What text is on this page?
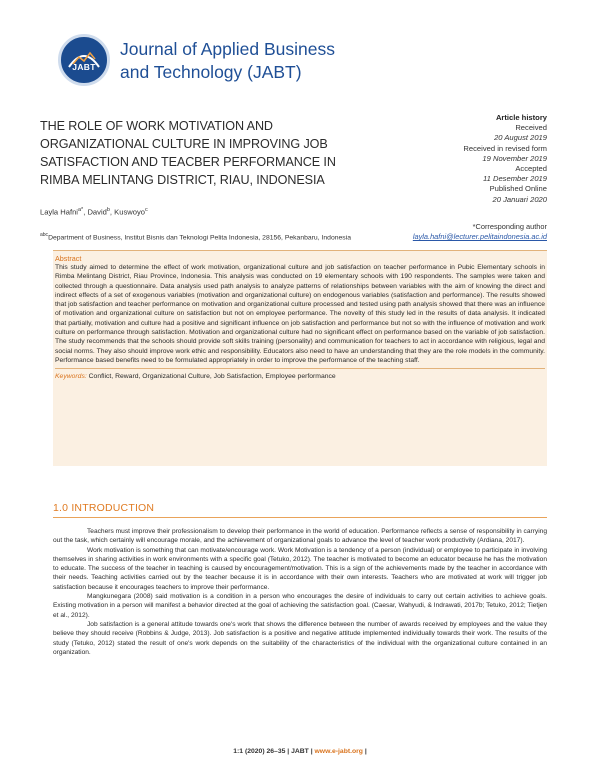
JABT
Journal of Applied Business
and Technology (JABT)
THE ROLE OF WORK MOTIVATION AND ORGANIZATIONAL CULTURE IN IMPROVING JOB SATISFACTION AND TEACBER PERFORMANCE IN RIMBA MELINTANG DISTRICT, RIAU, INDONESIA
Layla Hafni$^{a*}$, David$^b$, Kuswoyo$^c$
$^{abc}$Department of Business, Institut Bisnis dan Teknologi Pelita Indonesia, 28156, Pekanbaru, Indonesia
Article history
Received
20 August 2019
Received in revised form
19 November 2019
Accepted
11 Desember 2019
Published Online
20 Januari 2020
*Corresponding author
layla.hafni@lecturer.pelitaindonesia.ac.id
Abstract
This study aimed to determine the effect of work motivation, organizational culture and job satisfaction on teacher performance in Pubic Elementary schools in Rimba Melintang District, Riau Province, Indonesia. This analysis was conducted on 19 elementary schools with 190 respondents. The samples were taken and collected through a questionnaire. Data analysis used path analysis to analyze patterns of relationships between variables with the aim of knowing the direct and indirect effects of a set of exogenous variables (motivation and organizational culture) on endogenous variables (satisfaction and performance). The results showed that job satisfaction and teacher performance on motivation and organizational culture processed and tested using path analysis showed that there was an influence of motivation and organizational culture on satisfaction but not on employee performance. The novelty of this study led in the results of data analysis. It indicated that partially, motivation and culture had a positive and significant influence on job satisfaction and performance but not so with the influence of motivation and work culture on performance through satisfaction. Motivation and organizational culture had no significant effect on performance based on the variable of job satisfaction. The study recommends that the schools should provide soft skills training (personality) and communication for teachers to act in accordance with religious, legal and social norms. They also should improve work ethic and responsibility. Educators also need to have an understanding that they are the role models in the community. Performance based benefits need to be formulated appropriately in order to improve the performance of the teaching staff.
Keywords: Conflict, Reward, Organizational Culture, Job Satisfaction, Employee performance
1.0 INTRODUCTION

Teachers must improve their professionalism to develop their performance in the world of education. Performance reflects a sense of responsibility in carrying out the task, which certainly will encourage morale, and the achievement of organizational goals to advance the level of teacher work productivity (Ardiana, 2017).

Work motivation is something that can motivate/encourage work. Work Motivation is a tendency of a person (individual) or employee to participate in involving themselves in sharing activities in work environments with a specific goal (Tetuko, 2012). The teacher is motivated to become an educator because he has the motivation to educate. The success of the teacher in teaching is caused by encouragement/motivation. This is a sign of the achievements made by the teacher in accordance with their needs. Teaching activities carried out by the teacher because it is in accordance with their own interests. Teachers who are motivated at work will trigger job satisfaction because it encourages teachers to improve their performance.

Mangkunegara (2008) said motivation is a condition in a person who encourages the desire of individuals to carry out certain activities to achieve goals. Existing motivation in a person will manifest a behavior directed at the goal of achieving the satisfaction goal. (Caesar, Wahyudi, & Indrawati, 2017b; Tetuko, 2012; Tietjen et al., 2012).

Job satisfaction is a general attitude towards one's work that shows the difference between the number of awards received by employees and the value they believe they should receive (Robbins & Judge, 2013). Job satisfaction is a positive and negative attitude implemented individually towards their work. The results of the study (Tetuko, 2012) stated the result of one's work depends on the suitability of the characteristics of the individual with the organizational culture contained in an organization.

1:1 (2020) 26–35 | JABT | www.e-jabt.org |
